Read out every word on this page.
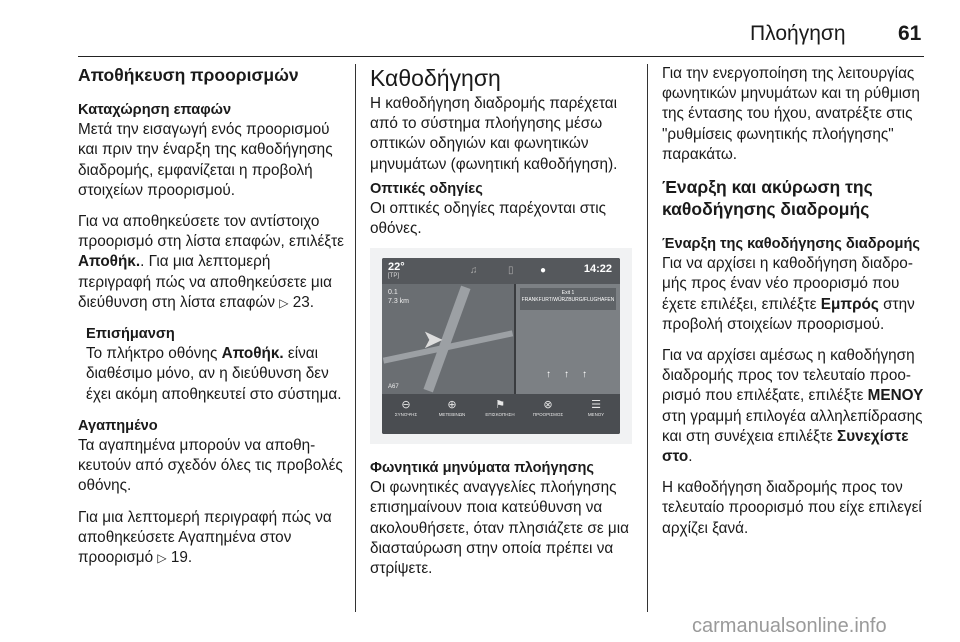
Πλοήγηση 61
Αποθήκευση προορισμών
Καταχώρηση επαφών
Μετά την εισαγωγή ενός προορισμού και πριν την έναρξη της καθοδήγησης διαδρομής, εμφανίζεται η προβολή στοιχείων προορισμού.
Για να αποθηκεύσετε τον αντίστοιχο προορισμό στη λίστα επαφών, επιλέξτε Αποθήκ.. Για μια λεπτομερή περιγραφή πώς να αποθηκεύσετε μια διεύθυνση στη λίστα επαφών ▷ 23.
Επισήμανση
Το πλήκτρο οθόνης Αποθήκ. είναι διαθέσιμο μόνο, αν η διεύθυνση δεν έχει ακόμη αποθηκευτεί στο σύστημα.
Αγαπημένο
Τα αγαπημένα μπορούν να αποθηκευτούν από σχεδόν όλες τις προβολές οθόνης.
Για μια λεπτομερή περιγραφή πώς να αποθηκεύσετε Αγαπημένα στον προορισμό ▷ 19.
Καθοδήγηση
Η καθοδήγηση διαδρομής παρέχεται από το σύστημα πλοήγησης μέσω οπτικών οδηγιών και φωνητικών μηνυμάτων (φωνητική καθοδήγηση).
Οπτικές οδηγίες
Οι οπτικές οδηγίες παρέχονται στις οθόνες.
22°
[TP]	♫	▯	●	14:22
0.1
7.3 km
➤
A67
Exit 1
FRANKFURT/WÜRZBURG/FLUGHAFEN
↑ ↑ ↑
⊖
ΣΥΝΟΨΗΣ
⊕
ΜΕΤΕΒΙΝΩΝ
⚑
ΕΠΙΣΚΟΠΗΣΗ
⊗
ΠΡΟΟΡΙΣΜΟΣ
☰
ΜΕΝΟΥ
Φωνητικά μηνύματα πλοήγησης
Οι φωνητικές αναγγελίες πλοήγησης επισημαίνουν ποια κατεύθυνση να ακολουθήσετε, όταν πλησιάζετε σε μια διασταύρωση στην οποία πρέπει να στρίψετε.
Για την ενεργοποίηση της λειτουργίας φωνητικών μηνυμάτων και τη ρύθμιση της έντασης του ήχου, ανατρέξτε στις "ρυθμίσεις φωνητικής πλοήγησης" παρακάτω.
Έναρξη και ακύρωση της καθοδήγησης διαδρομής
Έναρξη της καθοδήγησης διαδρομής
Για να αρχίσει η καθοδήγηση διαδρομής προς έναν νέο προορισμό που έχετε επιλέξει, επιλέξτε Εμπρός στην προβολή στοιχείων προορισμού.
Για να αρχίσει αμέσως η καθοδήγηση διαδρομής προς τον τελευταίο προορισμό που επιλέξατε, επιλέξτε ΜΕΝΟΥ στη γραμμή επιλογέα αλληλεπίδρασης και στη συνέχεια επιλέξτε Συνεχίστε στο.
Η καθοδήγηση διαδρομής προς τον τελευταίο προορισμό που είχε επιλεγεί αρχίζει ξανά.
carmanualsonline.info
